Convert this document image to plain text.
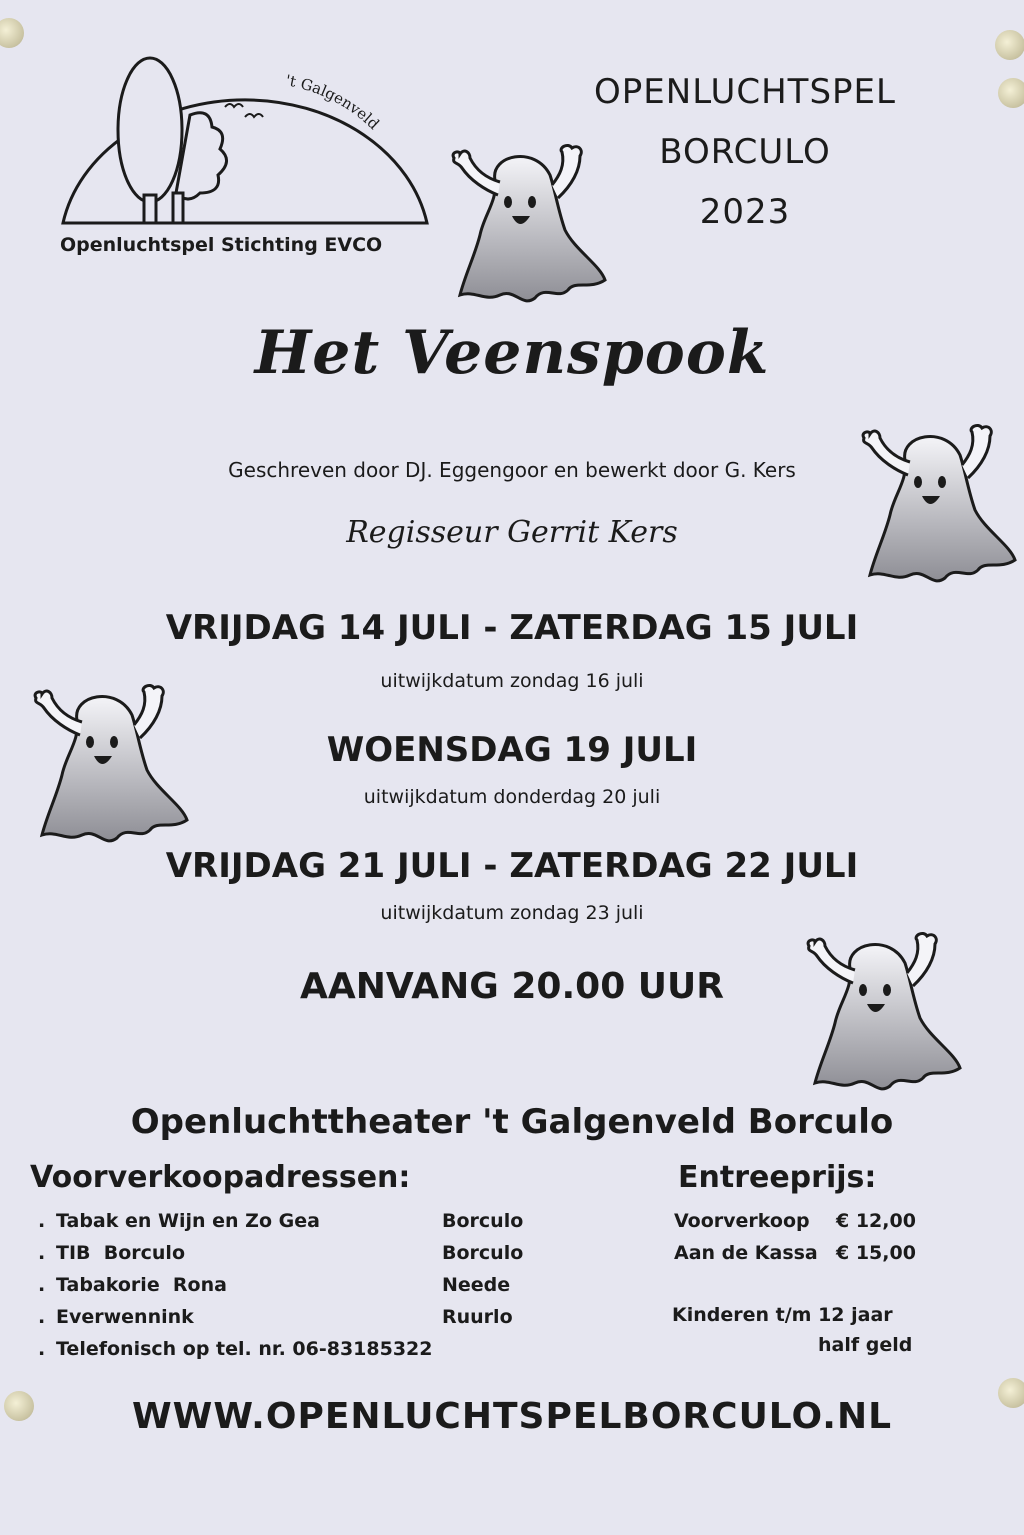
't Galgenveld
Openluchtspel Stichting EVCO
OPENLUCHTSPEL
BORCULO
2023
Het Veenspook
Geschreven door DJ. Eggengoor en bewerkt door G. Kers
Regisseur Gerrit Kers
VRIJDAG 14 JULI - ZATERDAG 15 JULI
uitwijkdatum zondag 16 juli
WOENSDAG 19 JULI
uitwijkdatum donderdag 20 juli
VRIJDAG 21 JULI - ZATERDAG 22 JULI
uitwijkdatum zondag 23 juli
AANVANG 20.00 UUR
Openluchttheater 't Galgenveld Borculo
Voorverkoopadressen:
. Tabak en Wijn en Zo Gea	Borculo
. TIB  Borculo	Borculo
. Tabakorie  Rona	Neede
. Everwennink	Ruurlo
. Telefonisch op tel. nr. 06-83185322
Entreeprijs:
Voorverkoop € 12,00
Aan de Kassa € 15,00
Kinderen t/m 12 jaar
half geld
WWW.OPENLUCHTSPELBORCULO.NL
